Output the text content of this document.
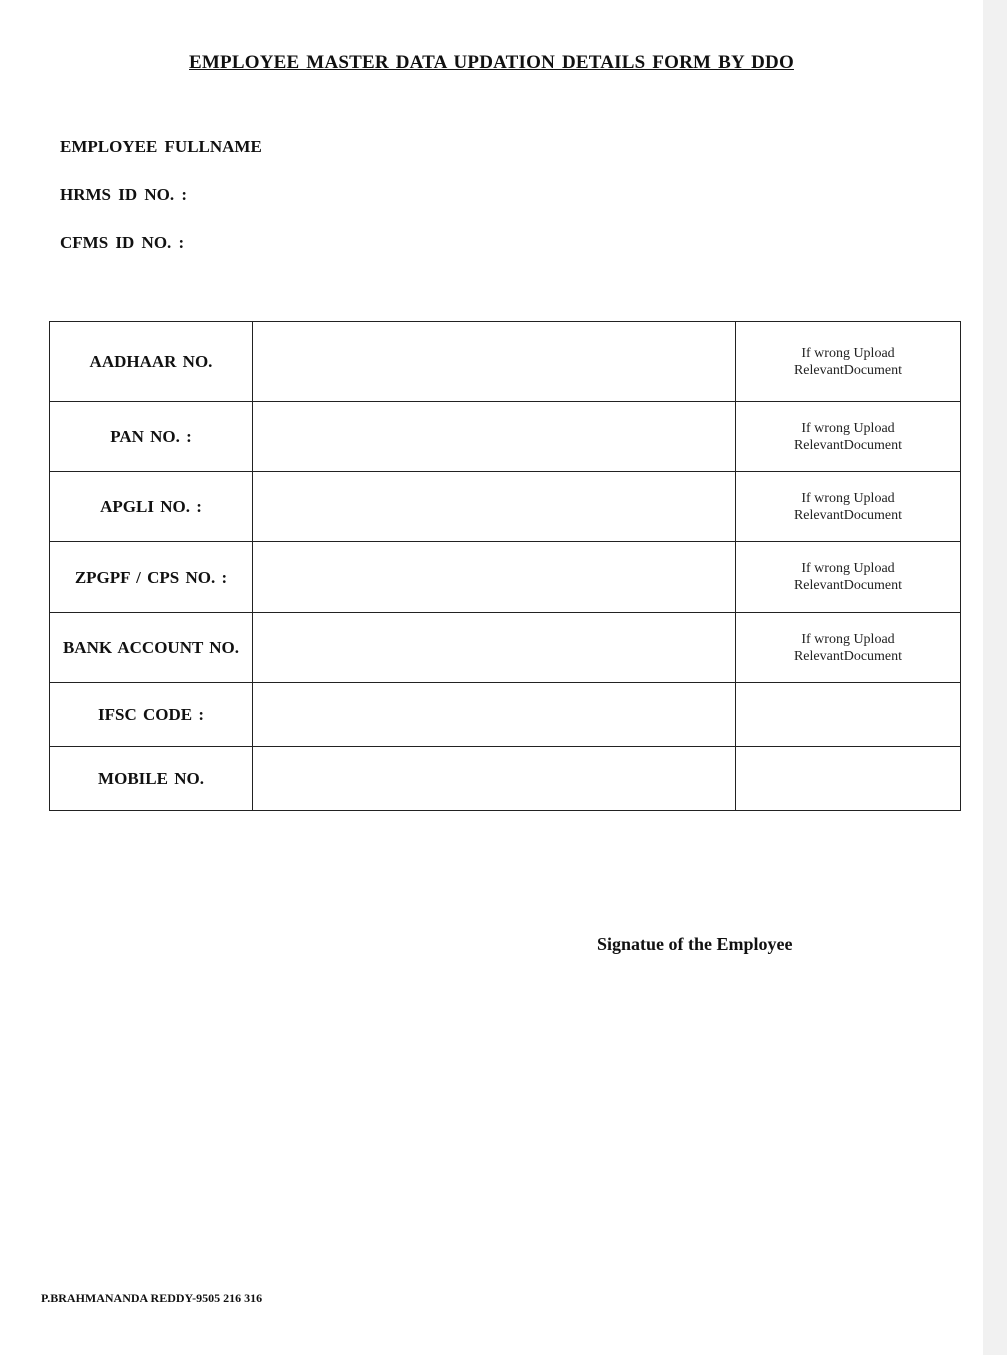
EMPLOYEE MASTER DATA UPDATION DETAILS FORM BY DDO
EMPLOYEE FULLNAME
HRMS ID NO. :
CFMS ID NO. :
AADHAAR NO.		If wrong Upload RelevantDocument

PAN NO. :		If wrong Upload RelevantDocument

APGLI NO. :		If wrong Upload RelevantDocument

ZPGPF / CPS NO. :		If wrong Upload RelevantDocument

BANK ACCOUNT NO.		If wrong Upload RelevantDocument

IFSC CODE :		

MOBILE NO.		
Signatue of the Employee
P.BRAHMANANDA REDDY-9505 216 316
